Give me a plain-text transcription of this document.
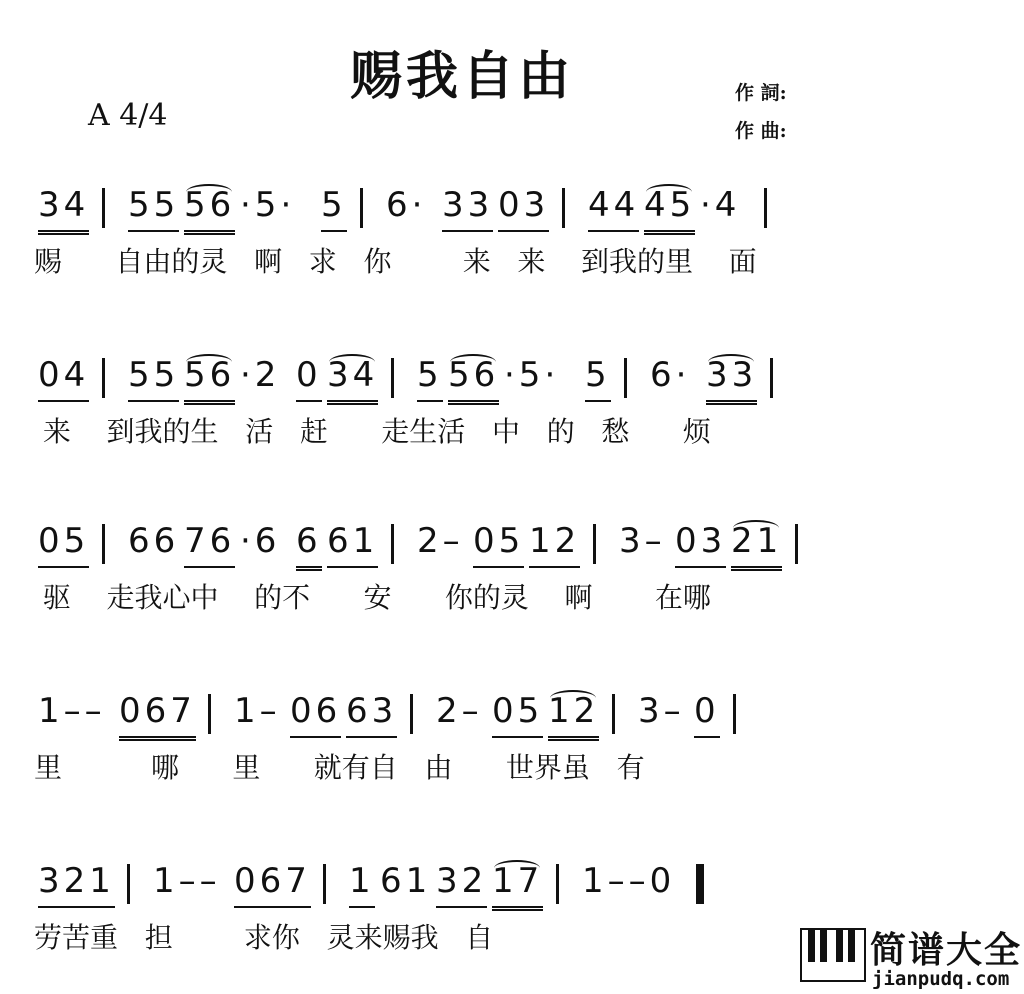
赐我自由
A 4/4
作 詞:
作 曲:
34 55 56 ·5· 5 6· 33 03 44 45 ·4
赐      自由的灵   啊   求   你        来   来    到我的里    面
04 55 56 ·2 0 34 5 56 ·5· 5 6· 33
来    到我的生   活   赶      走生活   中   的   愁      烦
05 66 76 ·6 6 61 2– 05 12 3– 03 21
驱    走我心中    的不      安      你的灵    啊       在哪
1–– 067 1– 06 63 2– 05 12 3– 0
里          哪      里      就有自   由      世界虽   有
321 1–– 067 1 61 32 17 1––0
劳苦重   担        求你   灵来赐我   自	简谱大全
jianpudq.com
